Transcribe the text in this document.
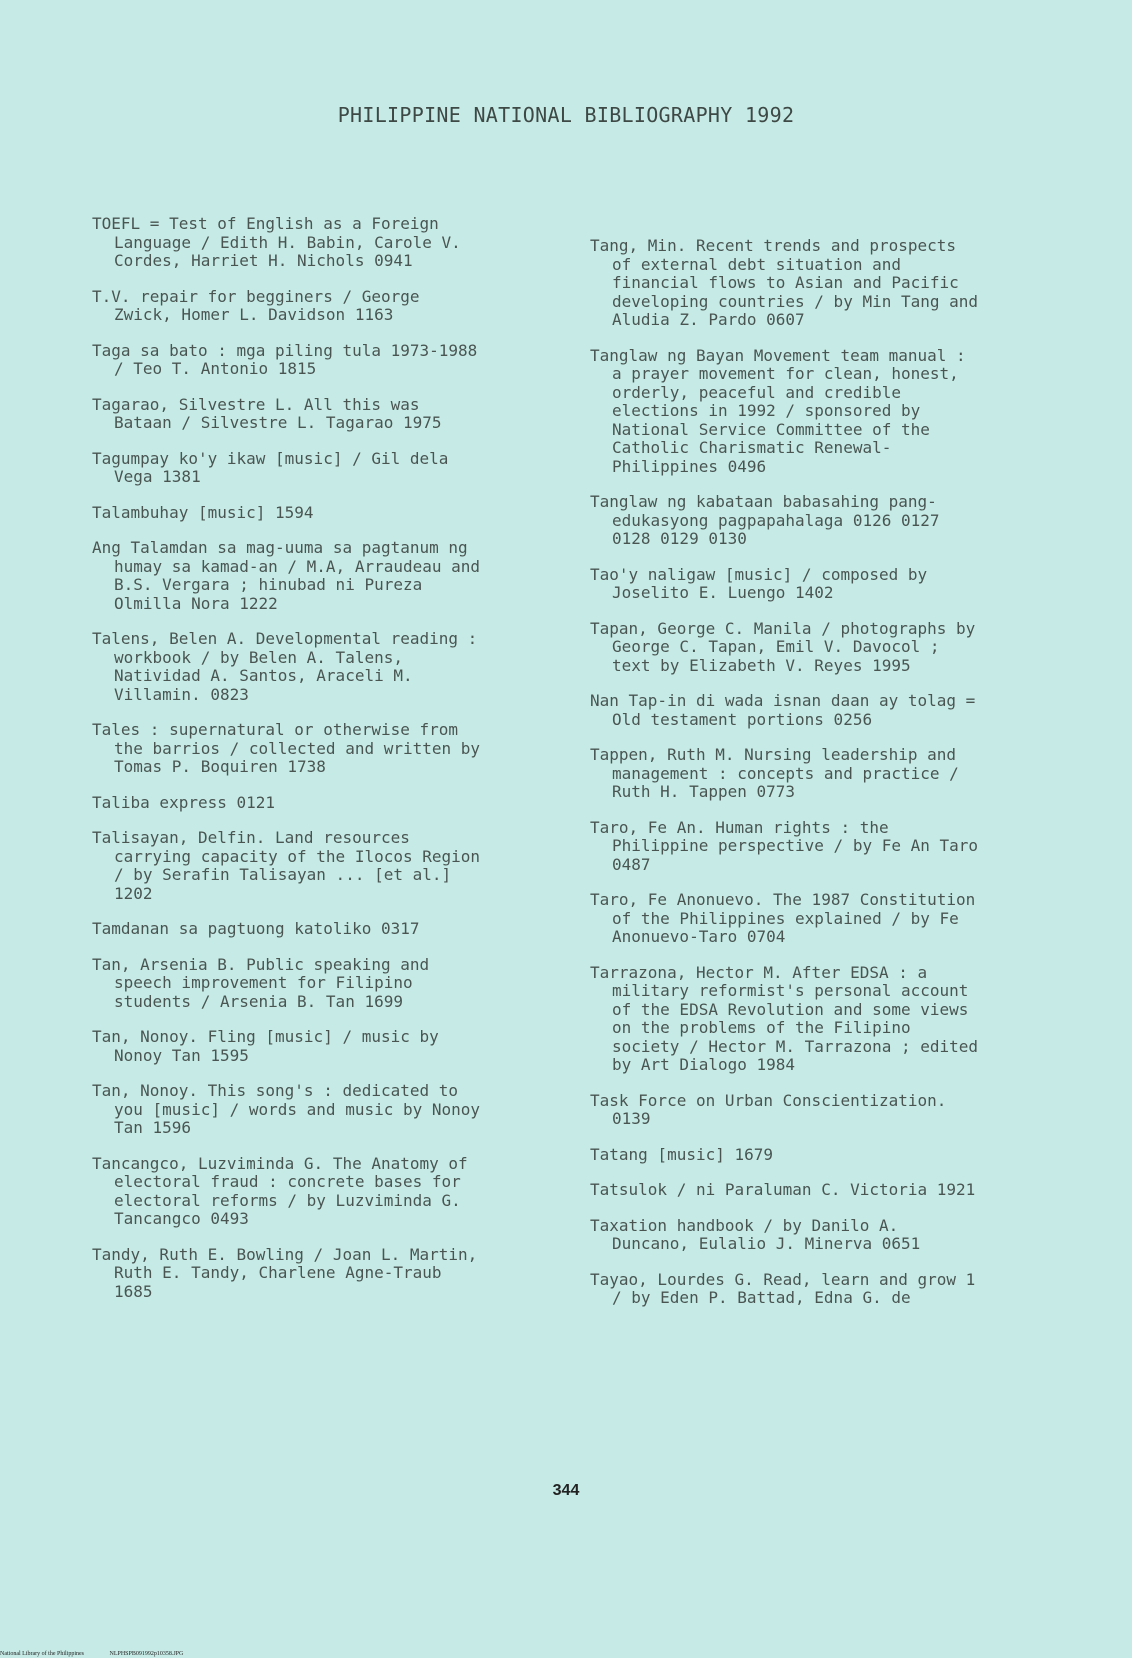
PHILIPPINE NATIONAL BIBLIOGRAPHY 1992
TOEFL = Test of English as a Foreign
Language / Edith H. Babin, Carole V.
Cordes, Harriet H. Nichols 0941
T.V. repair for begginers / George
Zwick, Homer L. Davidson 1163
Taga sa bato : mga piling tula 1973-1988
/ Teo T. Antonio 1815
Tagarao, Silvestre L. All this was
Bataan / Silvestre L. Tagarao 1975
Tagumpay ko'y ikaw [music] / Gil dela
Vega 1381
Talambuhay [music] 1594
Ang Talamdan sa mag-uuma sa pagtanum ng
humay sa kamad-an / M.A, Arraudeau and
B.S. Vergara ; hinubad ni Pureza
Olmilla Nora 1222
Talens, Belen A. Developmental reading :
workbook / by Belen A. Talens,
Natividad A. Santos, Araceli M.
Villamin. 0823
Tales : supernatural or otherwise from
the barrios / collected and written by
Tomas P. Boquiren 1738
Taliba express 0121
Talisayan, Delfin. Land resources
carrying capacity of the Ilocos Region
/ by Serafin Talisayan ... [et al.]
1202
Tamdanan sa pagtuong katoliko 0317
Tan, Arsenia B. Public speaking and
speech improvement for Filipino
students / Arsenia B. Tan 1699
Tan, Nonoy. Fling [music] / music by
Nonoy Tan 1595
Tan, Nonoy. This song's : dedicated to
you [music] / words and music by Nonoy
Tan 1596
Tancangco, Luzviminda G. The Anatomy of
electoral fraud : concrete bases for
electoral reforms / by Luzviminda G.
Tancangco 0493
Tandy, Ruth E. Bowling / Joan L. Martin,
Ruth E. Tandy, Charlene Agne-Traub
1685
Tang, Min. Recent trends and prospects
of external debt situation and
financial flows to Asian and Pacific
developing countries / by Min Tang and
Aludia Z. Pardo 0607
Tanglaw ng Bayan Movement team manual :
a prayer movement for clean, honest,
orderly, peaceful and credible
elections in 1992 / sponsored by
National Service Committee of the
Catholic Charismatic Renewal-
Philippines 0496
Tanglaw ng kabataan babasahing pang-
edukasyong pagpapahalaga 0126 0127
0128 0129 0130
Tao'y naligaw [music] / composed by
Joselito E. Luengo 1402
Tapan, George C. Manila / photographs by
George C. Tapan, Emil V. Davocol ;
text by Elizabeth V. Reyes 1995
Nan Tap-in di wada isnan daan ay tolag =
Old testament portions 0256
Tappen, Ruth M. Nursing leadership and
management : concepts and practice /
Ruth H. Tappen 0773
Taro, Fe An. Human rights : the
Philippine perspective / by Fe An Taro
0487
Taro, Fe Anonuevo. The 1987 Constitution
of the Philippines explained / by Fe
Anonuevo-Taro 0704
Tarrazona, Hector M. After EDSA : a
military reformist's personal account
of the EDSA Revolution and some views
on the problems of the Filipino
society / Hector M. Tarrazona ; edited
by Art Dialogo 1984
Task Force on Urban Conscientization.
0139
Tatang [music] 1679
Tatsulok / ni Paraluman C. Victoria 1921
Taxation handbook / by Danilo A.
Duncano, Eulalio J. Minerva 0651
Tayao, Lourdes G. Read, learn and grow 1
/ by Eden P. Battad, Edna G. de
344
National Library of the Philippines	NLPHSPB091992p10358.JPG
